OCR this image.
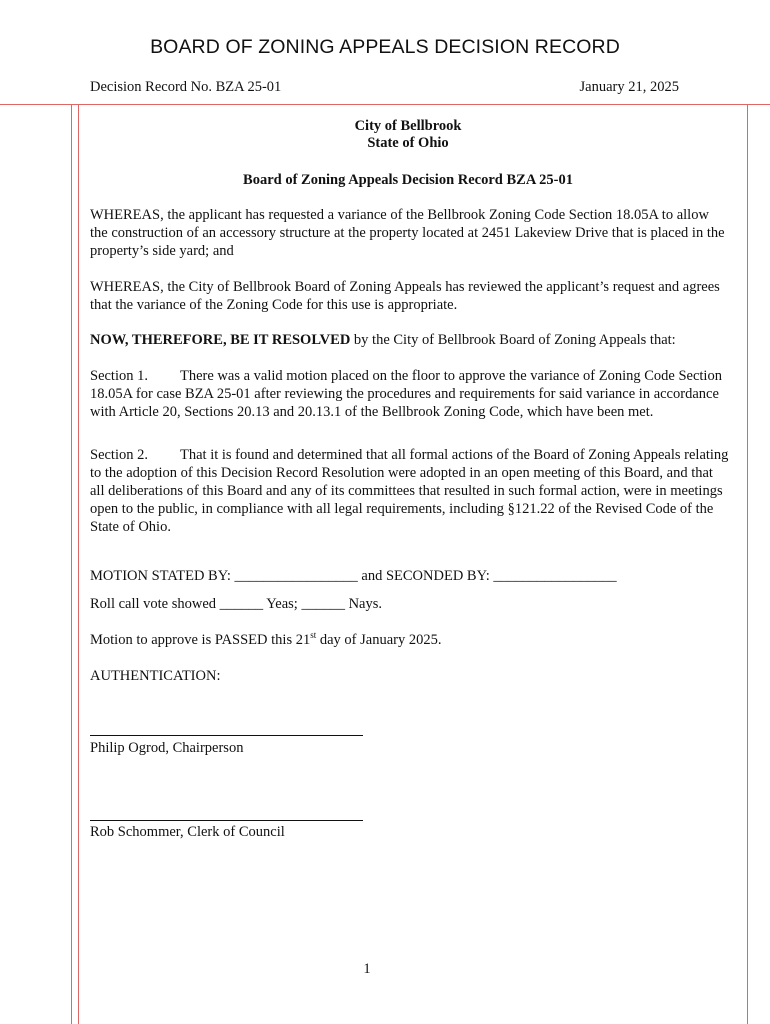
BOARD OF ZONING APPEALS DECISION RECORD
Decision Record No. BZA 25-01	January 21, 2025
City of Bellbrook
State of Ohio
Board of Zoning Appeals Decision Record BZA 25-01

WHEREAS, the applicant has requested a variance of the Bellbrook Zoning Code Section 18.05A to allow the construction of an accessory structure at the property located at 2451 Lakeview Drive that is placed in the property’s side yard; and

WHEREAS, the City of Bellbrook Board of Zoning Appeals has reviewed the applicant’s request and agrees that the variance of the Zoning Code for this use is appropriate.

NOW, THEREFORE, BE IT RESOLVED by the City of Bellbrook Board of Zoning Appeals that:

Section 1. There was a valid motion placed on the floor to approve the variance of Zoning Code Section 18.05A for case BZA 25-01 after reviewing the procedures and requirements for said variance in accordance with Article 20, Sections 20.13 and 20.13.1 of the Bellbrook Zoning Code, which have been met.

Section 2. That it is found and determined that all formal actions of the Board of Zoning Appeals relating to the adoption of this Decision Record Resolution were adopted in an open meeting of this Board, and that all deliberations of this Board and any of its committees that resulted in such formal action, were in meetings open to the public, in compliance with all legal requirements, including §121.22 of the Revised Code of the State of Ohio.

MOTION STATED BY: _________________ and SECONDED BY: _________________

Roll call vote showed ______ Yeas; ______ Nays.

Motion to approve is PASSED this 21st day of January 2025.

AUTHENTICATION:

Philip Ogrod, Chairperson

Rob Schommer, Clerk of Council

1
